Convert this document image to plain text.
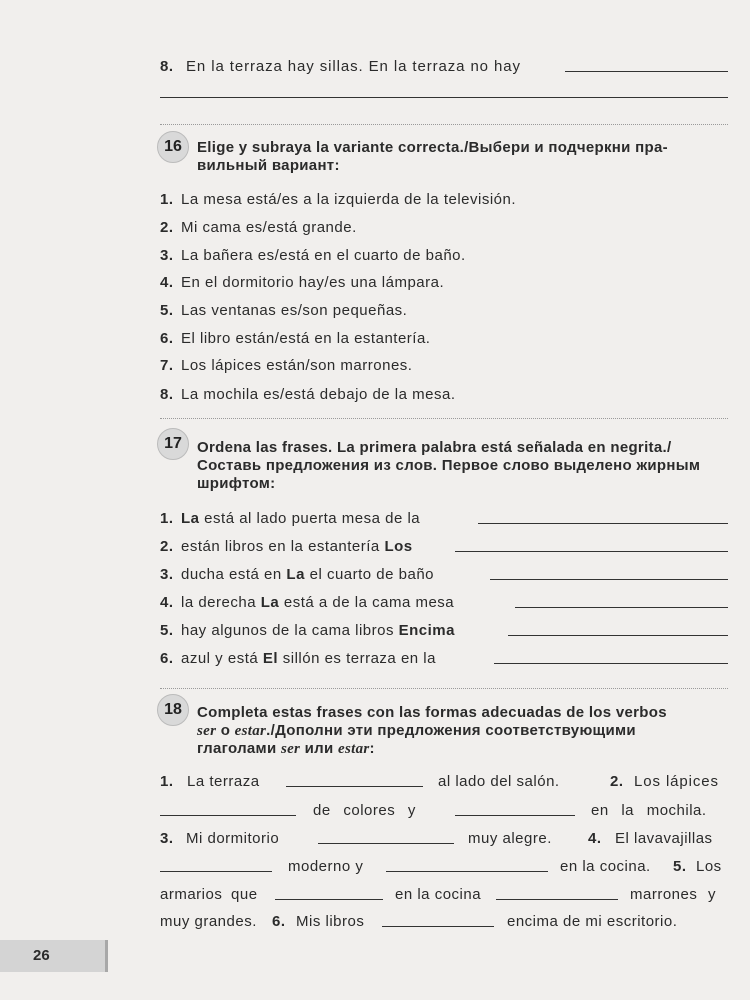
8. En la terraza hay sillas. En la terraza no hay
16	Elige y subraya la variante correcta./Выбери и подчеркни пра-
вильный вариант:
1. La mesa está/es a la izquierda de la televisión.
2. Mi cama es/está grande.
3. La bañera es/está en el cuarto de baño.
4. En el dormitorio hay/es una lámpara.
5. Las ventanas es/son pequeñas.
6. El libro están/está en la estantería.
7. Los lápices están/son marrones.
8. La mochila es/está debajo de la mesa.
17	Ordena las frases. La primera palabra está señalada en negrita./
Составь предложения из слов. Первое слово выделено жирным
шрифтом:
1. La está al lado puerta mesa de la
2. están libros en la estantería Los
3. ducha está en La el cuarto de baño
4. la derecha La está a de la cama mesa
5. hay algunos de la cama libros Encima
6. azul y está El sillón es terraza en la
18	Completa estas frases con las formas adecuadas de los verbos
ser o estar./Дополни эти предложения соответствующими
глаголами ser или estar:
1. La terraza	al lado del salón.	2. Los lápices
de colores y	en la mochila.
3. Mi dormitorio	muy alegre. 4. El lavavajillas
moderno y	en la cocina. 5. Los
armarios que	en la cocina	marrones y
muy grandes. 6. Mis libros	encima de mi escritorio.
26
